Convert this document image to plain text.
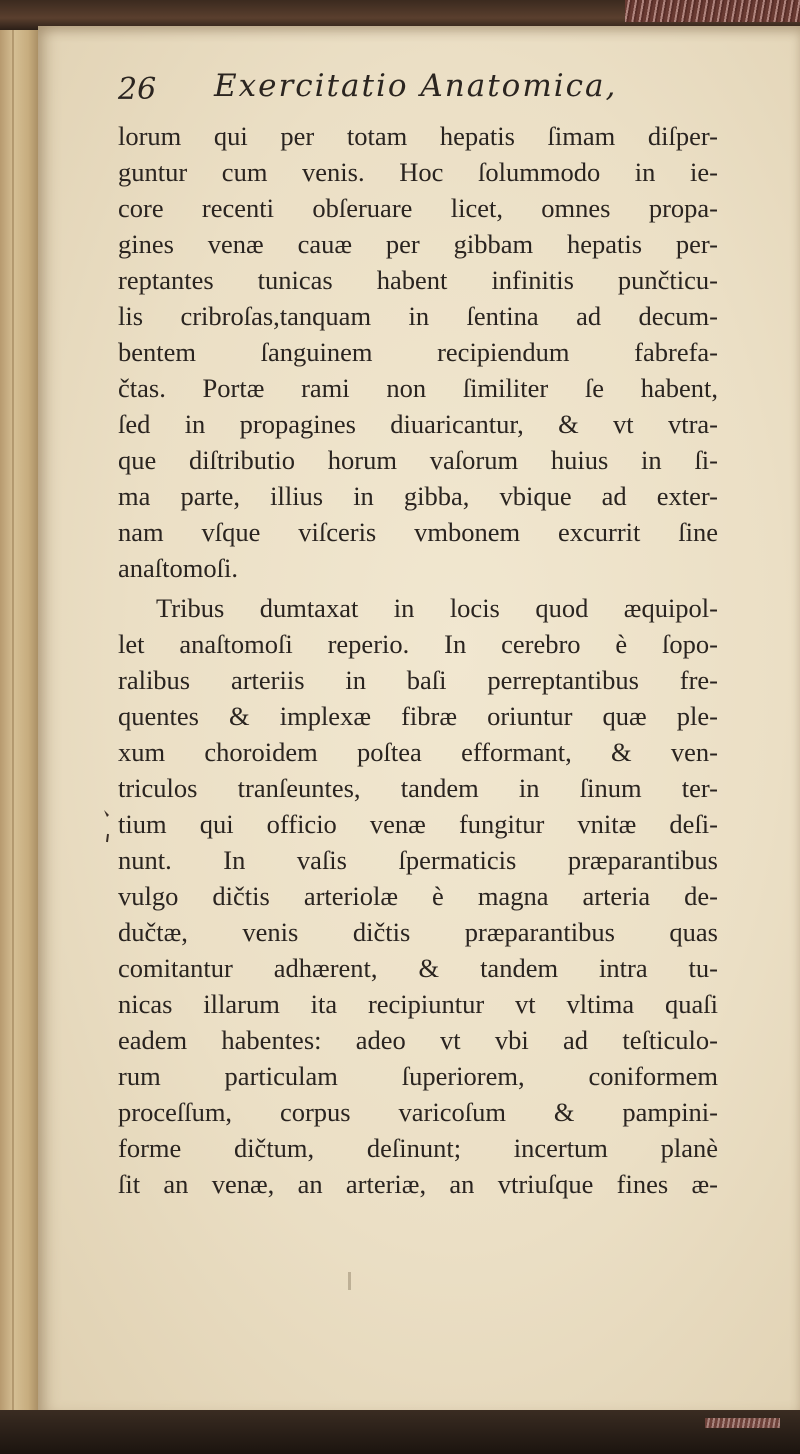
26 Exercitatio Anatomica,
lorum qui per totam hepatis ſimam diſper-
guntur cum venis. Hoc ſolummodo in ie-
core recenti obſeruare licet, omnes propa-
gines venæ cauæ per gibbam hepatis per-
reptantes tunicas habent infinitis punčticu-
lis cribroſas,tanquam in ſentina ad decum-
bentem ſanguinem recipiendum fabrefa-
čtas. Portæ rami non ſimiliter ſe habent,
ſed in propagines diuaricantur, & vt vtra-
que diſtributio horum vaſorum huius in ſi-
ma parte, illius in gibba, vbique ad exter-
nam vſque viſceris vmbonem excurrit ſine
anaſtomoſi.
Tribus dumtaxat in locis quod æquipol-
let anaſtomoſi reperio. In cerebro è ſopo-
ralibus arteriis in baſi perreptantibus fre-
quentes & implexæ fibræ oriuntur quæ ple-
xum choroidem poſtea efformant, & ven-
triculos tranſeuntes, tandem in ſinum ter-
tium qui officio venæ fungitur vnitæ deſi-
nunt. In vaſis ſpermaticis præparantibus
vulgo dičtis arteriolæ è magna arteria de-
dučtæ, venis dičtis præparantibus quas
comitantur adhærent, & tandem intra tu-
nicas illarum ita recipiuntur vt vltima quaſi
eadem habentes: adeo vt vbi ad teſticulo-
rum particulam ſuperiorem, coniformem
proceſſum, corpus varicoſum & pampini-
forme dičtum, deſinunt; incertum planè
ſit an venæ, an arteriæ, an vtriuſque fines æ-
